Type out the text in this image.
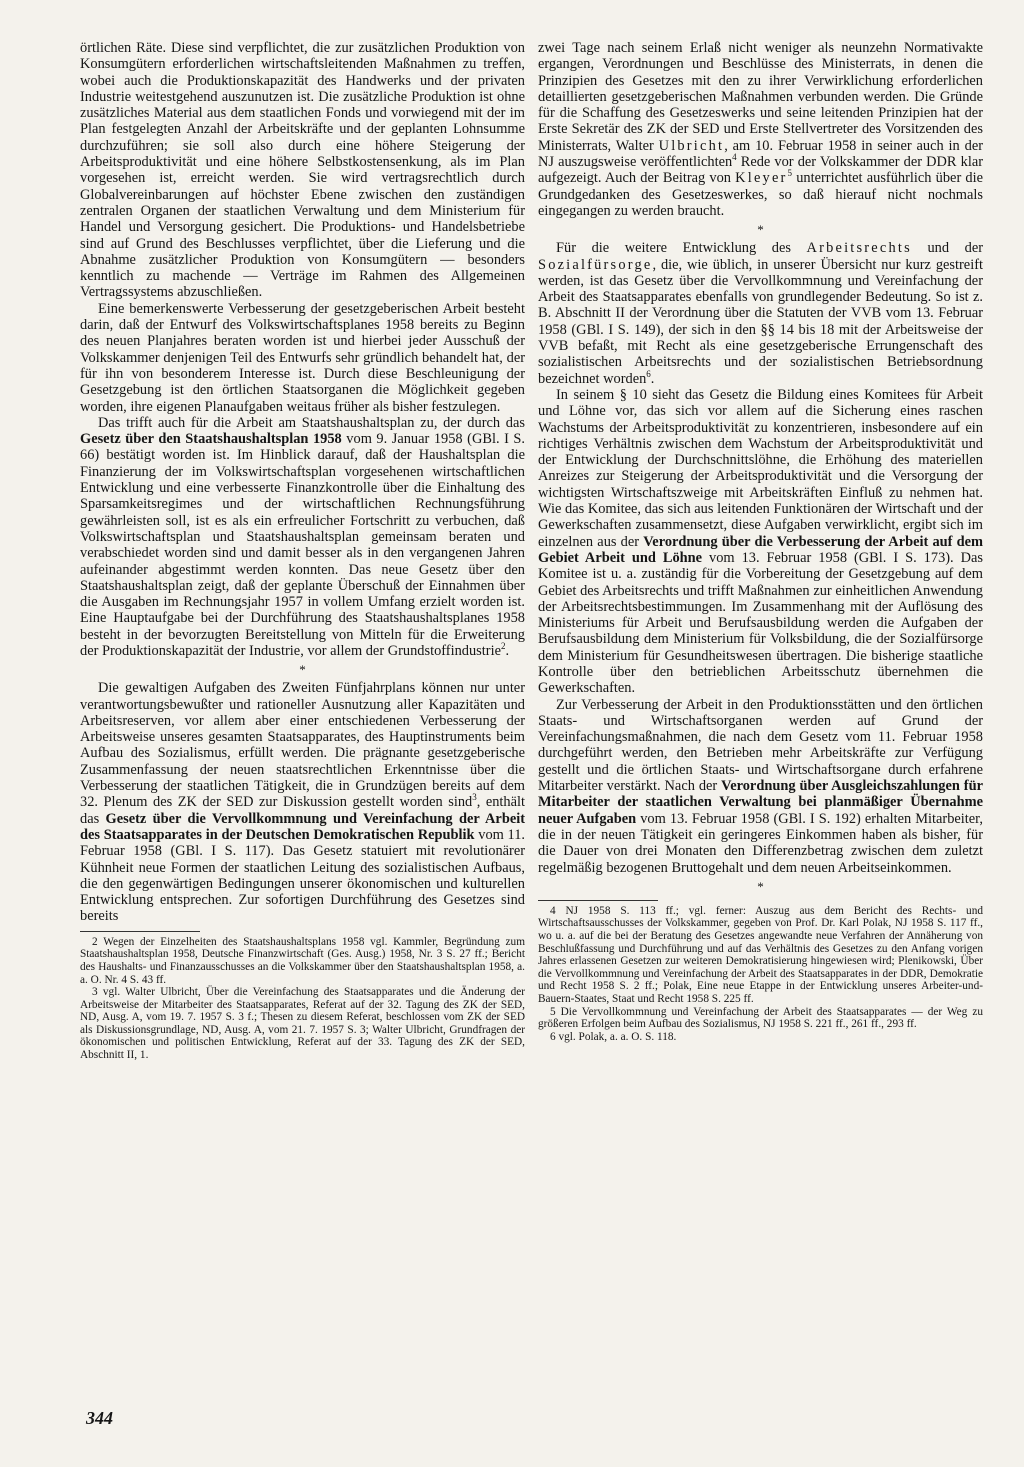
örtlichen Räte. Diese sind verpflichtet, die zur zusätzlichen Produktion von Konsumgütern erforderlichen wirtschaftsleitenden Maßnahmen zu treffen, wobei auch die Produktionskapazität des Handwerks und der privaten Industrie weitestgehend auszunutzen ist. Die zusätzliche Produktion ist ohne zusätzliches Material aus dem staatlichen Fonds und vorwiegend mit der im Plan festgelegten Anzahl der Arbeitskräfte und der geplanten Lohnsumme durchzuführen; sie soll also durch eine höhere Steigerung der Arbeitsproduktivität und eine höhere Selbstkostensenkung, als im Plan vorgesehen ist, erreicht werden. Sie wird vertragsrechtlich durch Globalvereinbarungen auf höchster Ebene zwischen den zuständigen zentralen Organen der staatlichen Verwaltung und dem Ministerium für Handel und Versorgung gesichert. Die Produktions- und Handelsbetriebe sind auf Grund des Beschlusses verpflichtet, über die Lieferung und die Abnahme zusätzlicher Produktion von Konsumgütern — besonders kenntlich zu machende — Verträge im Rahmen des Allgemeinen Vertragssystems abzuschließen.

Eine bemerkenswerte Verbesserung der gesetzgeberischen Arbeit besteht darin, daß der Entwurf des Volkswirtschaftsplanes 1958 bereits zu Beginn des neuen Planjahres beraten worden ist und hierbei jeder Ausschuß der Volkskammer denjenigen Teil des Entwurfs sehr gründlich behandelt hat, der für ihn von besonderem Interesse ist. Durch diese Beschleunigung der Gesetzgebung ist den örtlichen Staatsorganen die Möglichkeit gegeben worden, ihre eigenen Planaufgaben weitaus früher als bisher festzulegen.

Das trifft auch für die Arbeit am Staatshaushaltsplan zu, der durch das Gesetz über den Staatshaushaltsplan 1958 vom 9. Januar 1958 (GBl. I S. 66) bestätigt worden ist. Im Hinblick darauf, daß der Haushaltsplan die Finanzierung der im Volkswirtschaftsplan vorgesehenen wirtschaftlichen Entwicklung und eine verbesserte Finanzkontrolle über die Einhaltung des Sparsamkeitsregimes und der wirtschaftlichen Rechnungsführung gewährleisten soll, ist es als ein erfreulicher Fortschritt zu verbuchen, daß Volkswirtschaftsplan und Staatshaushaltsplan gemeinsam beraten und verabschiedet worden sind und damit besser als in den vergangenen Jahren aufeinander abgestimmt werden konnten. Das neue Gesetz über den Staatshaushaltsplan zeigt, daß der geplante Überschuß der Einnahmen über die Ausgaben im Rechnungsjahr 1957 in vollem Umfang erzielt worden ist. Eine Hauptaufgabe bei der Durchführung des Staatshaushaltsplanes 1958 besteht in der bevorzugten Bereitstellung von Mitteln für die Erweiterung der Produktionskapazität der Industrie, vor allem der Grundstoffindustrie$^2$.

*

Die gewaltigen Aufgaben des Zweiten Fünfjahrplans können nur unter verantwortungsbewußter und rationeller Ausnutzung aller Kapazitäten und Arbeitsreserven, vor allem aber einer entschiedenen Verbesserung der Arbeitsweise unseres gesamten Staatsapparates, des Hauptinstruments beim Aufbau des Sozialismus, erfüllt werden. Die prägnante gesetzgeberische Zusammenfassung der neuen staatsrechtlichen Erkenntnisse über die Verbesserung der staatlichen Tätigkeit, die in Grundzügen bereits auf dem 32. Plenum des ZK der SED zur Diskussion gestellt worden sind$^3$, enthält das Gesetz über die Vervollkommnung und Vereinfachung der Arbeit des Staatsapparates in der Deutschen Demokratischen Republik vom 11. Februar 1958 (GBl. I S. 117). Das Gesetz statuiert mit revolutionärer Kühnheit neue Formen der staatlichen Leitung des sozialistischen Aufbaus, die den gegenwärtigen Bedingungen unserer ökonomischen und kulturellen Entwicklung entsprechen. Zur sofortigen Durchführung des Gesetzes sind bereits

2 Wegen der Einzelheiten des Staatshaushaltsplans 1958 vgl. Kammler, Begründung zum Staatshaushaltsplan 1958, Deutsche Finanzwirtschaft (Ges. Ausg.) 1958, Nr. 3 S. 27 ff.; Bericht des Haushalts- und Finanzausschusses an die Volkskammer über den Staatshaushaltsplan 1958, a. a. O. Nr. 4 S. 43 ff.

3 vgl. Walter Ulbricht, Über die Vereinfachung des Staatsapparates und die Änderung der Arbeitsweise der Mitarbeiter des Staatsapparates, Referat auf der 32. Tagung des ZK der SED, ND, Ausg. A, vom 19. 7. 1957 S. 3 f.; Thesen zu diesem Referat, beschlossen vom ZK der SED als Diskussionsgrundlage, ND, Ausg. A, vom 21. 7. 1957 S. 3; Walter Ulbricht, Grundfragen der ökonomischen und politischen Entwicklung, Referat auf der 33. Tagung des ZK der SED, Abschnitt II, 1.

zwei Tage nach seinem Erlaß nicht weniger als neunzehn Normativakte ergangen, Verordnungen und Beschlüsse des Ministerrats, in denen die Prinzipien des Gesetzes mit den zu ihrer Verwirklichung erforderlichen detaillierten gesetzgeberischen Maßnahmen verbunden werden. Die Gründe für die Schaffung des Gesetzeswerks und seine leitenden Prinzipien hat der Erste Sekretär des ZK der SED und Erste Stellvertreter des Vorsitzenden des Ministerrats, Walter Ulbricht, am 10. Februar 1958 in seiner auch in der NJ auszugsweise veröffentlichten$^4$ Rede vor der Volkskammer der DDR klar aufgezeigt. Auch der Beitrag von Kleyer$^5$ unterrichtet ausführlich über die Grundgedanken des Gesetzeswerkes, so daß hierauf nicht nochmals eingegangen zu werden braucht.

*

Für die weitere Entwicklung des Arbeitsrechts und der Sozialfürsorge, die, wie üblich, in unserer Übersicht nur kurz gestreift werden, ist das Gesetz über die Vervollkommnung und Vereinfachung der Arbeit des Staatsapparates ebenfalls von grundlegender Bedeutung. So ist z. B. Abschnitt II der Verordnung über die Statuten der VVB vom 13. Februar 1958 (GBl. I S. 149), der sich in den §§ 14 bis 18 mit der Arbeitsweise der VVB befaßt, mit Recht als eine gesetzgeberische Errungenschaft des sozialistischen Arbeitsrechts und der sozialistischen Betriebsordnung bezeichnet worden$^6$.

In seinem § 10 sieht das Gesetz die Bildung eines Komitees für Arbeit und Löhne vor, das sich vor allem auf die Sicherung eines raschen Wachstums der Arbeitsproduktivität zu konzentrieren, insbesondere auf ein richtiges Verhältnis zwischen dem Wachstum der Arbeitsproduktivität und der Entwicklung der Durchschnittslöhne, die Erhöhung des materiellen Anreizes zur Steigerung der Arbeitsproduktivität und die Versorgung der wichtigsten Wirtschaftszweige mit Arbeitskräften Einfluß zu nehmen hat. Wie das Komitee, das sich aus leitenden Funktionären der Wirtschaft und der Gewerkschaften zusammensetzt, diese Aufgaben verwirklicht, ergibt sich im einzelnen aus der Verordnung über die Verbesserung der Arbeit auf dem Gebiet Arbeit und Löhne vom 13. Februar 1958 (GBl. I S. 173). Das Komitee ist u. a. zuständig für die Vorbereitung der Gesetzgebung auf dem Gebiet des Arbeitsrechts und trifft Maßnahmen zur einheitlichen Anwendung der Arbeitsrechtsbestimmungen. Im Zusammenhang mit der Auflösung des Ministeriums für Arbeit und Berufsausbildung werden die Aufgaben der Berufsausbildung dem Ministerium für Volksbildung, die der Sozialfürsorge dem Ministerium für Gesundheitswesen übertragen. Die bisherige staatliche Kontrolle über den betrieblichen Arbeitsschutz übernehmen die Gewerkschaften.

Zur Verbesserung der Arbeit in den Produktionsstätten und den örtlichen Staats- und Wirtschaftsorganen werden auf Grund der Vereinfachungsmaßnahmen, die nach dem Gesetz vom 11. Februar 1958 durchgeführt werden, den Betrieben mehr Arbeitskräfte zur Verfügung gestellt und die örtlichen Staats- und Wirtschaftsorgane durch erfahrene Mitarbeiter verstärkt. Nach der Verordnung über Ausgleichszahlungen für Mitarbeiter der staatlichen Verwaltung bei planmäßiger Übernahme neuer Aufgaben vom 13. Februar 1958 (GBl. I S. 192) erhalten Mitarbeiter, die in der neuen Tätigkeit ein geringeres Einkommen haben als bisher, für die Dauer von drei Monaten den Differenzbetrag zwischen dem zuletzt regelmäßig bezogenen Bruttogehalt und dem neuen Arbeitseinkommen.

*

4 NJ 1958 S. 113 ff.; vgl. ferner: Auszug aus dem Bericht des Rechts- und Wirtschaftsausschusses der Volkskammer, gegeben von Prof. Dr. Karl Polak, NJ 1958 S. 117 ff., wo u. a. auf die bei der Beratung des Gesetzes angewandte neue Verfahren der Annäherung von Beschlußfassung und Durchführung und auf das Verhältnis des Gesetzes zu den Anfang vorigen Jahres erlassenen Gesetzen zur weiteren Demokratisierung hingewiesen wird; Plenikowski, Über die Vervollkommnung und Vereinfachung der Arbeit des Staatsapparates in der DDR, Demokratie und Recht 1958 S. 2 ff.; Polak, Eine neue Etappe in der Entwicklung unseres Arbeiter-und-Bauern-Staates, Staat und Recht 1958 S. 225 ff.

5 Die Vervollkommnung und Vereinfachung der Arbeit des Staatsapparates — der Weg zu größeren Erfolgen beim Aufbau des Sozialismus, NJ 1958 S. 221 ff., 261 ff., 293 ff.

6 vgl. Polak, a. a. O. S. 118.

344
